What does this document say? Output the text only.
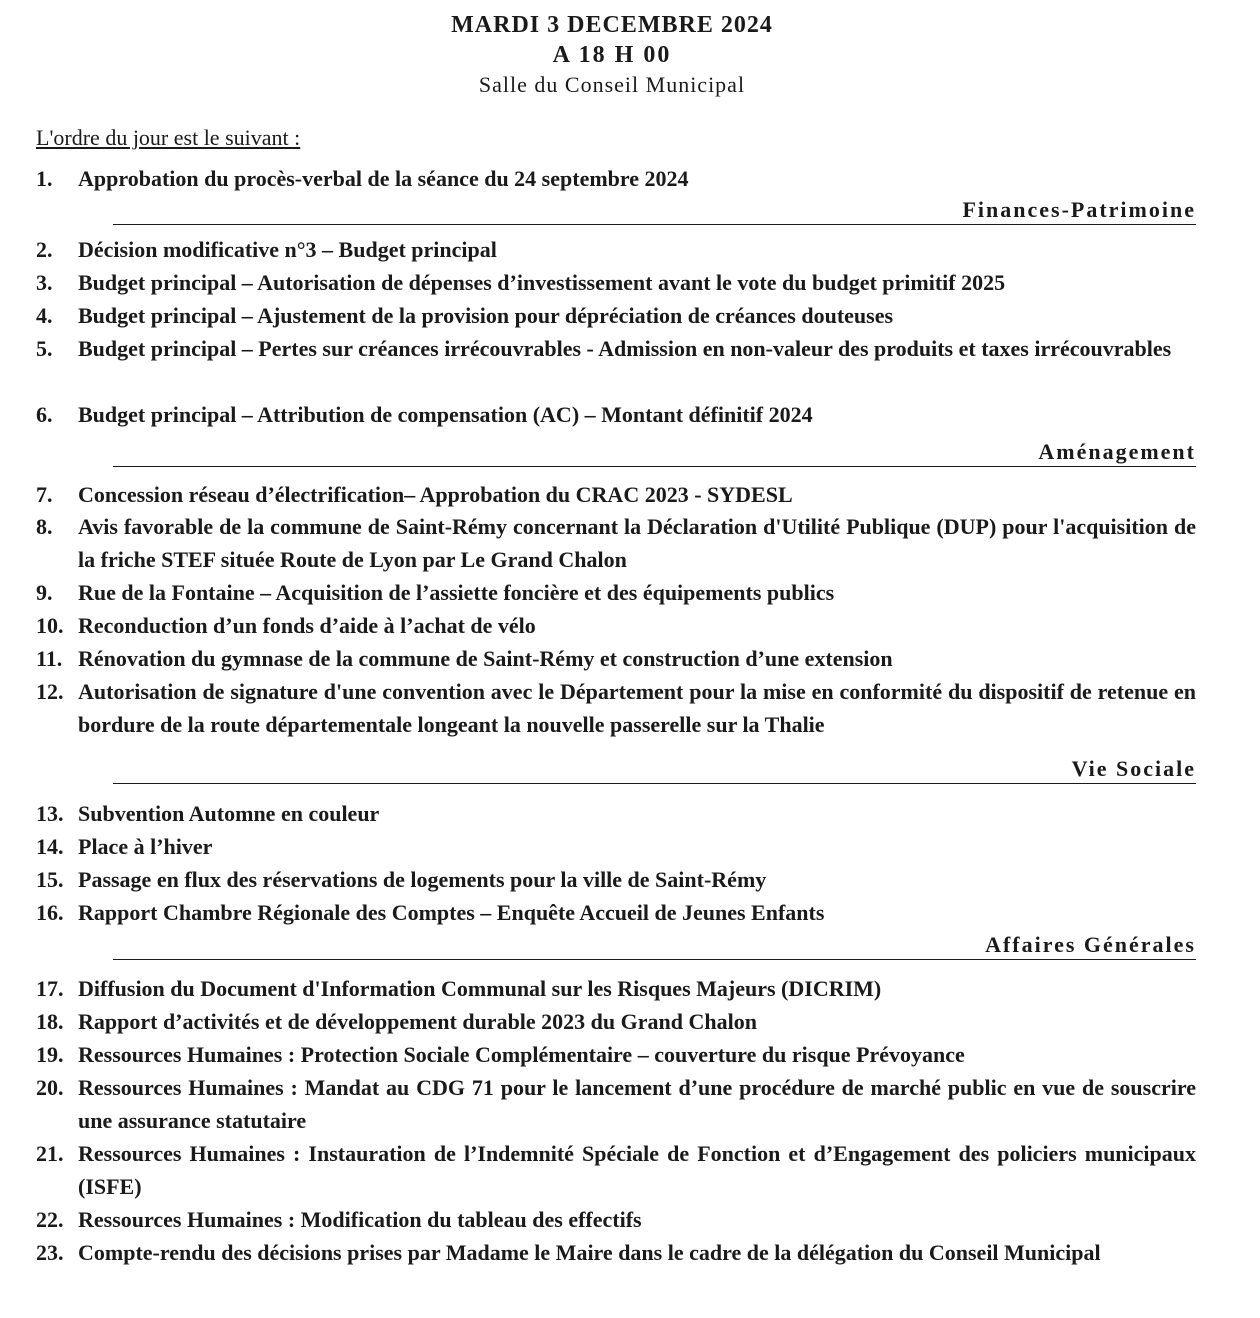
MARDI 3 DECEMBRE 2024
A 18 H 00
Salle du Conseil Municipal
L'ordre du jour est le suivant :
1.	Approbation du procès-verbal de la séance du 24 septembre 2024
Finances-Patrimoine
2.	Décision modificative n°3 – Budget principal
3.	Budget principal – Autorisation de dépenses d’investissement avant le vote du budget primitif 2025
4.	Budget principal – Ajustement de la provision pour dépréciation de créances douteuses
5.	Budget principal – Pertes sur créances irrécouvrables - Admission en non-valeur des produits et taxes irrécouvrables
6.	Budget principal – Attribution de compensation (AC) – Montant définitif 2024
Aménagement
7.	Concession réseau d’électrification– Approbation du CRAC 2023 - SYDESL
8.	Avis favorable de la commune de Saint-Rémy concernant la Déclaration d'Utilité Publique (DUP) pour l'acquisition de la friche STEF située Route de Lyon par Le Grand Chalon
9.	Rue de la Fontaine – Acquisition de l’assiette foncière et des équipements publics
10. Reconduction d’un fonds d’aide à l’achat de vélo
11. Rénovation du gymnase de la commune de Saint-Rémy et construction d’une extension
12. Autorisation de signature d'une convention avec le Département pour la mise en conformité du dispositif de retenue en bordure de la route départementale longeant la nouvelle passerelle sur la Thalie
Vie Sociale
13. Subvention Automne en couleur
14. Place à l’hiver
15. Passage en flux des réservations de logements pour la ville de Saint-Rémy
16. Rapport Chambre Régionale des Comptes – Enquête Accueil de Jeunes Enfants
Affaires Générales
17. Diffusion du Document d'Information Communal sur les Risques Majeurs (DICRIM)
18. Rapport d’activités et de développement durable 2023 du Grand Chalon
19. Ressources Humaines : Protection Sociale Complémentaire – couverture du risque Prévoyance
20. Ressources Humaines : Mandat au CDG 71 pour le lancement d’une procédure de marché public en vue de souscrire une assurance statutaire
21. Ressources Humaines : Instauration de l’Indemnité Spéciale de Fonction et d’Engagement des policiers municipaux (ISFE)
22. Ressources Humaines : Modification du tableau des effectifs
23. Compte-rendu des décisions prises par Madame le Maire dans le cadre de la délégation du Conseil Municipal
